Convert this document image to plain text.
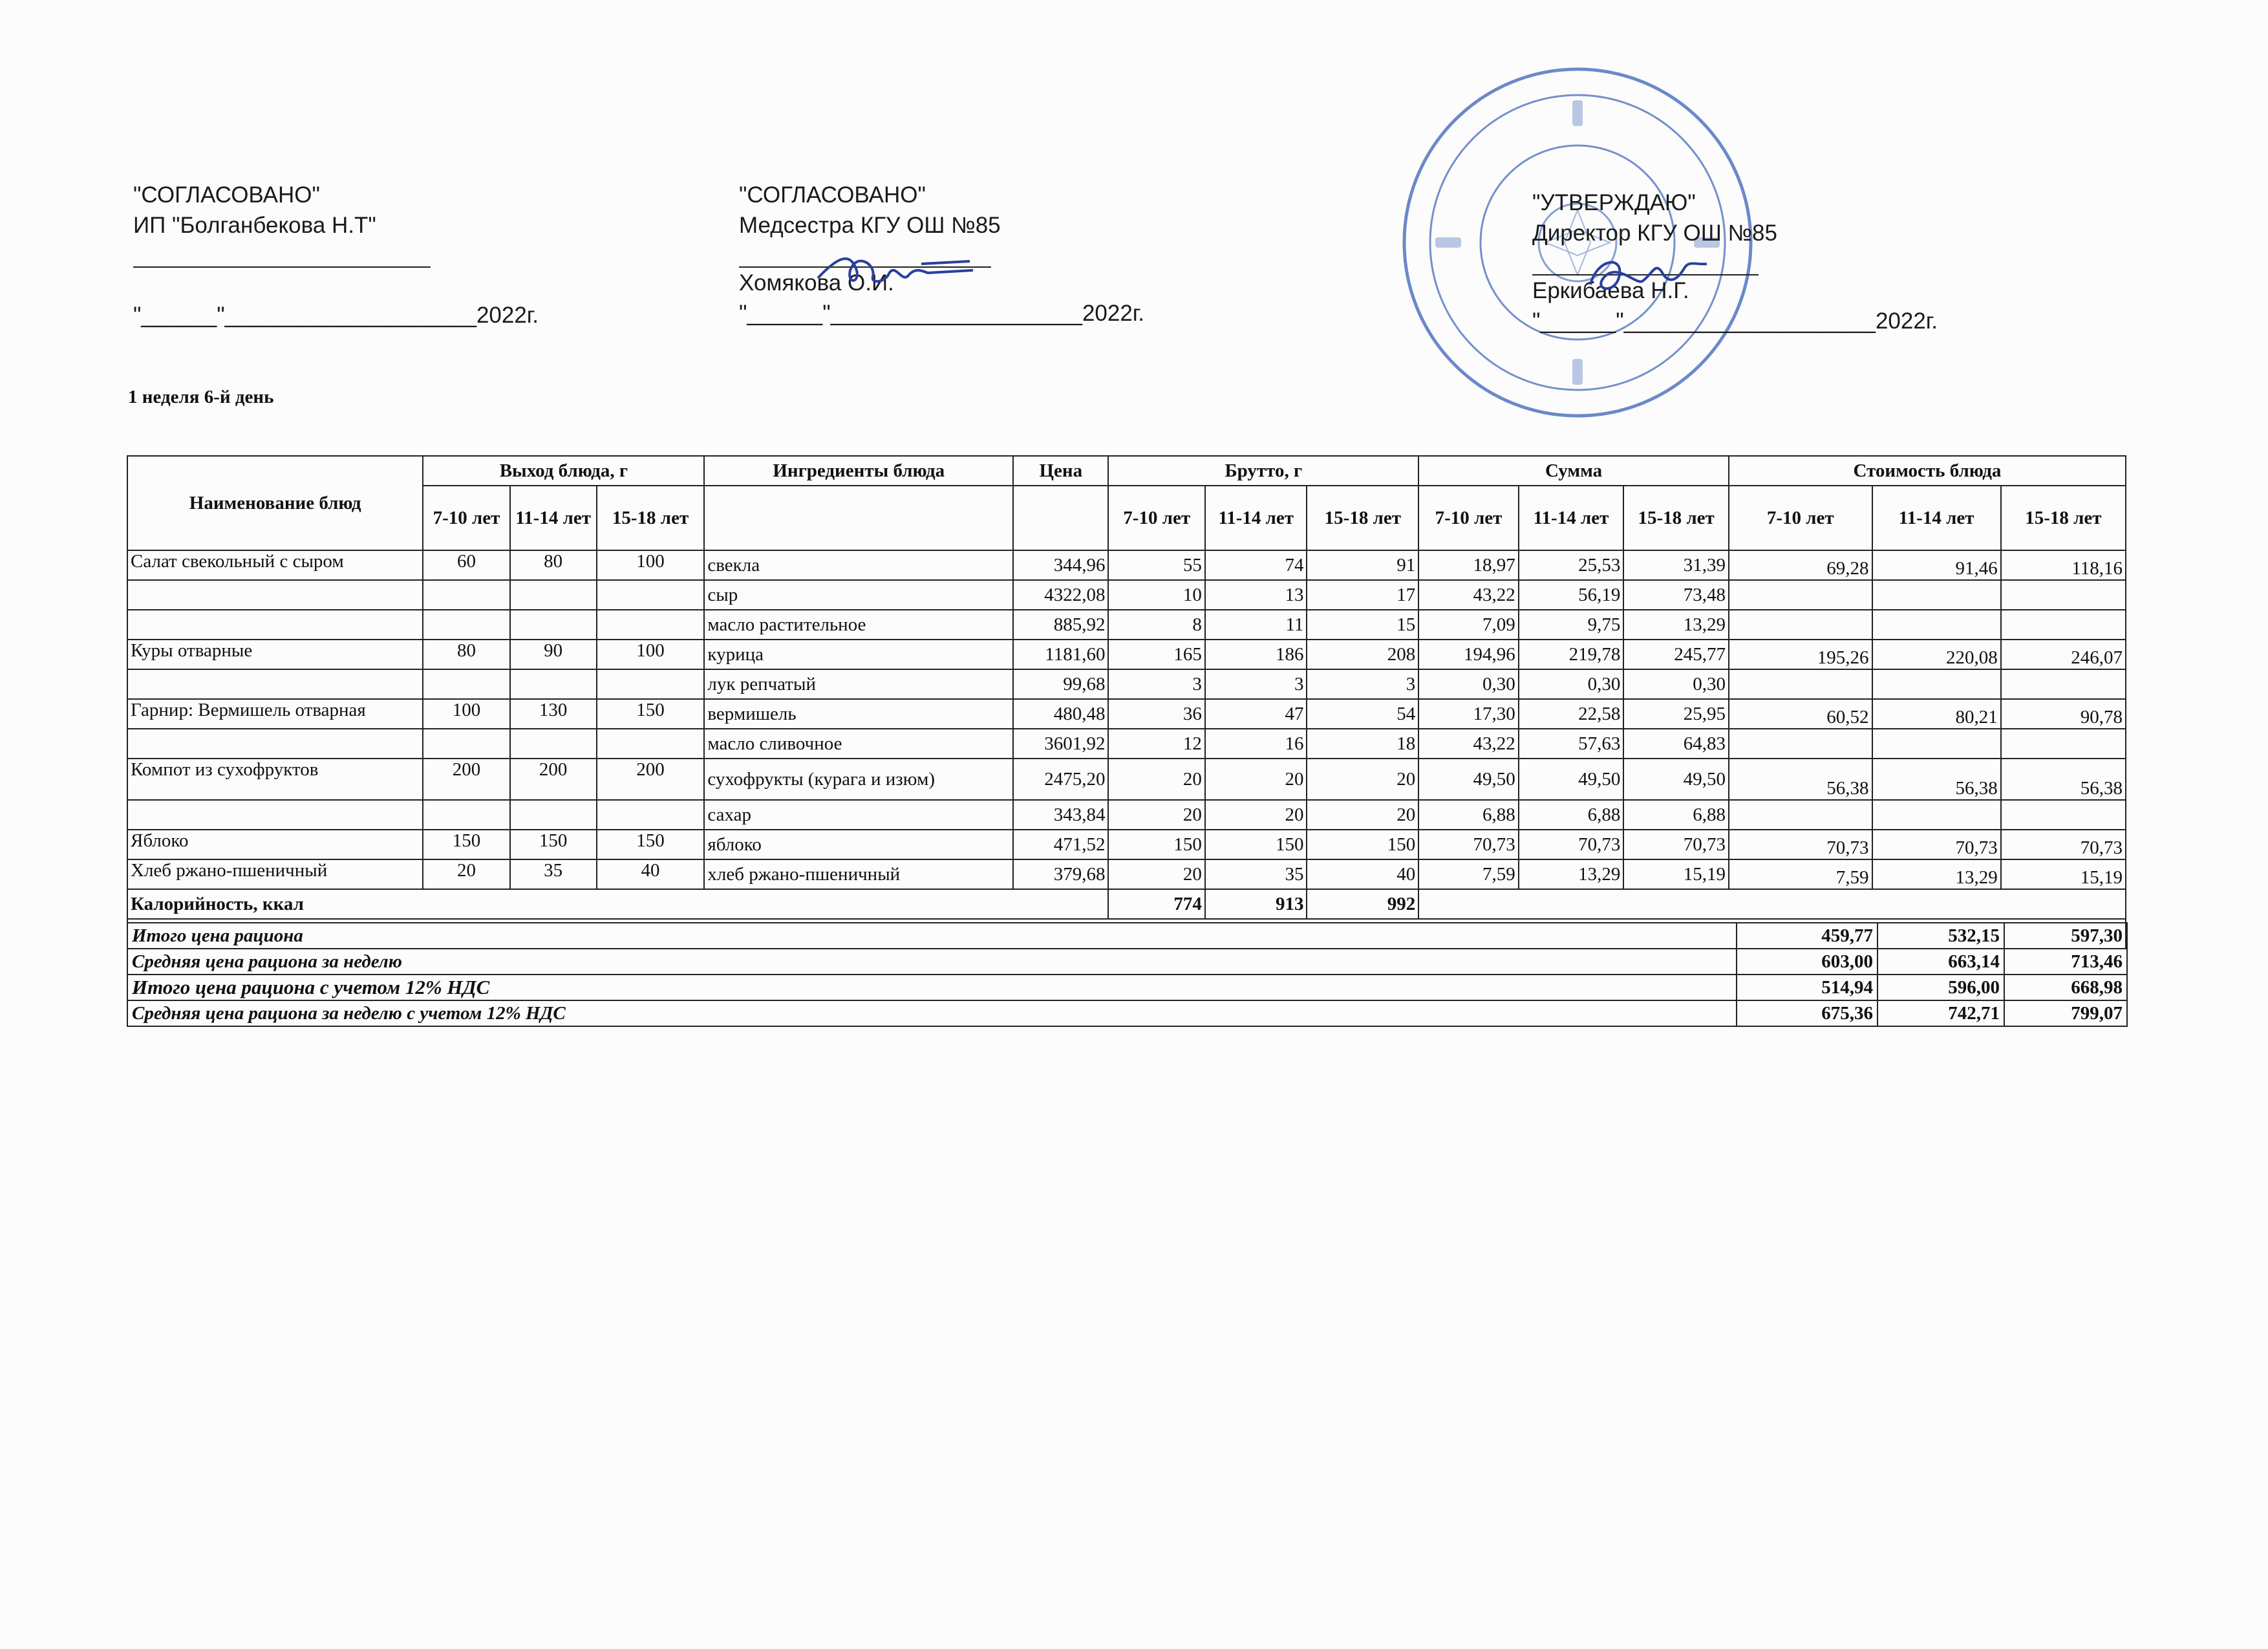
"СОГЛАСОВАНО"
ИП "Болганбекова Н.Т"
"______"____________________2022г.
"СОГЛАСОВАНО"
Медсестра КГУ ОШ №85
Хомякова О.И.
"______"____________________2022г.
"УТВЕРЖДАЮ"
Директор КГУ ОШ №85
Еркибаева Н.Г.
"______"____________________2022г.
1 неделя 6-й день
Наименование блюд	Выход блюда, г			Ингредиенты блюда	Цена	Брутто, г			Сумма			Стоимость блюда		
	7-10 лет	11-14 лет	15-18 лет			7-10 лет	11-14 лет	15-18 лет	7-10 лет	11-14 лет	15-18 лет	7-10 лет	11-14 лет	15-18 лет
Салат свекольный с сыром	60	80	100	свекла	344,96	55	74	91	18,97	25,53	31,39	69,28	91,46	118,16
				сыр	4322,08	10	13	17	43,22	56,19	73,48			
				масло растительное	885,92	8	11	15	7,09	9,75	13,29			
Куры отварные	80	90	100	курица	1181,60	165	186	208	194,96	219,78	245,77	195,26	220,08	246,07
				лук репчатый	99,68	3	3	3	0,30	0,30	0,30			
Гарнир: Вермишель отварная	100	130	150	вермишель	480,48	36	47	54	17,30	22,58	25,95	60,52	80,21	90,78
				масло сливочное	3601,92	12	16	18	43,22	57,63	64,83			
Компот из сухофруктов	200	200	200	сухофрукты (курага и изюм)	2475,20	20	20	20	49,50	49,50	49,50	56,38	56,38	56,38
				сахар	343,84	20	20	20	6,88	6,88	6,88			
Яблоко	150	150	150	яблоко	471,52	150	150	150	70,73	70,73	70,73	70,73	70,73	70,73
Хлеб ржано-пшеничный	20	35	40	хлеб ржано-пшеничный	379,68	20	35	40	7,59	13,29	15,19	7,59	13,29	15,19
Калорийность, ккал						774	913	992						

Итого цена рациона	459,77	532,15	597,30
Средняя цена рациона за неделю	603,00	663,14	713,46
Итого цена рациона с учетом 12% НДС	514,94	596,00	668,98
Средняя цена рациона за неделю с учетом 12% НДС	675,36	742,71	799,07
